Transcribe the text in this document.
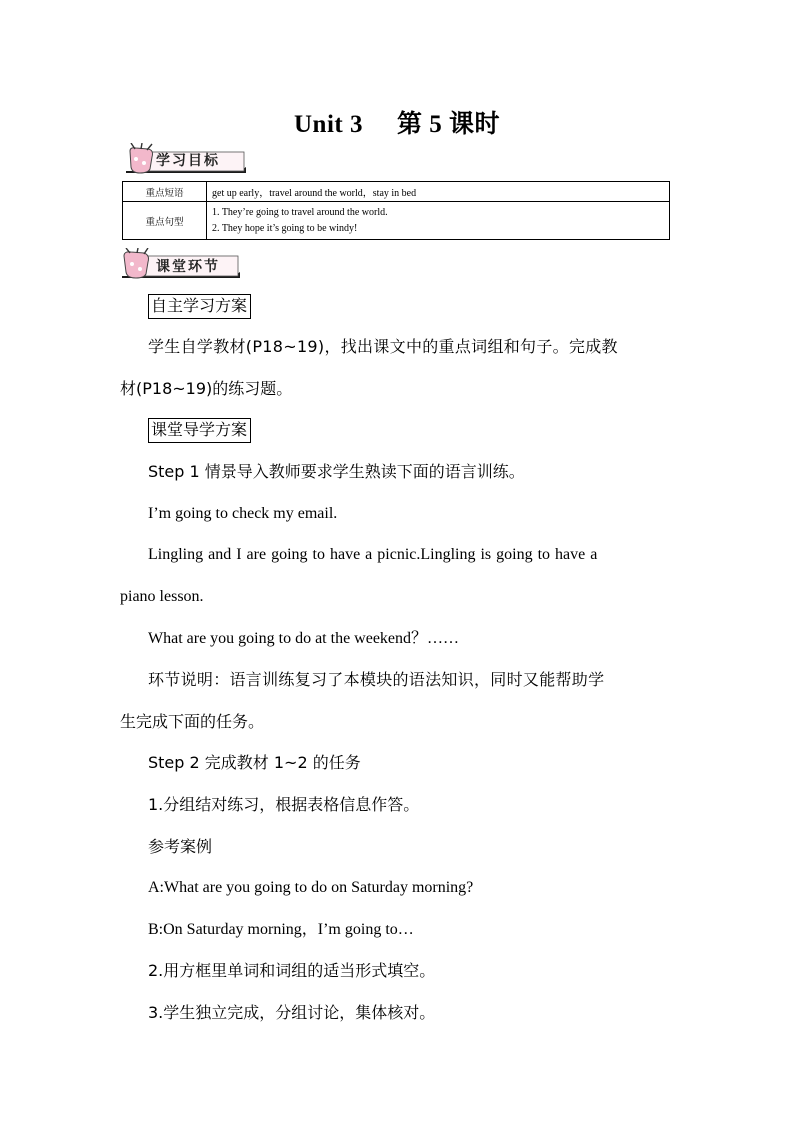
Unit 3 第 5 课时
学习目标
重点短语	get up early，travel around the world，stay in bed
重点句型	1. They’re going to travel around the world.
2. They hope it’s going to be windy!
课堂环节
自主学习方案
学生自学教材(P18~19)，找出课文中的重点词组和句子。完成教
材(P18~19)的练习题。
课堂导学方案
Step 1 情景导入教师要求学生熟读下面的语言训练。
I’m going to check my email.
Lingling and I are going to have a picnic.Lingling is going to have a
piano lesson.
What are you going to do at the weekend？……
环节说明：语言训练复习了本模块的语法知识，同时又能帮助学
生完成下面的任务。
Step 2 完成教材 1~2 的任务
1.分组结对练习，根据表格信息作答。
参考案例
A:What are you going to do on Saturday morning?
B:On Saturday morning，I’m going to…
2.用方框里单词和词组的适当形式填空。
3.学生独立完成，分组讨论，集体核对。
